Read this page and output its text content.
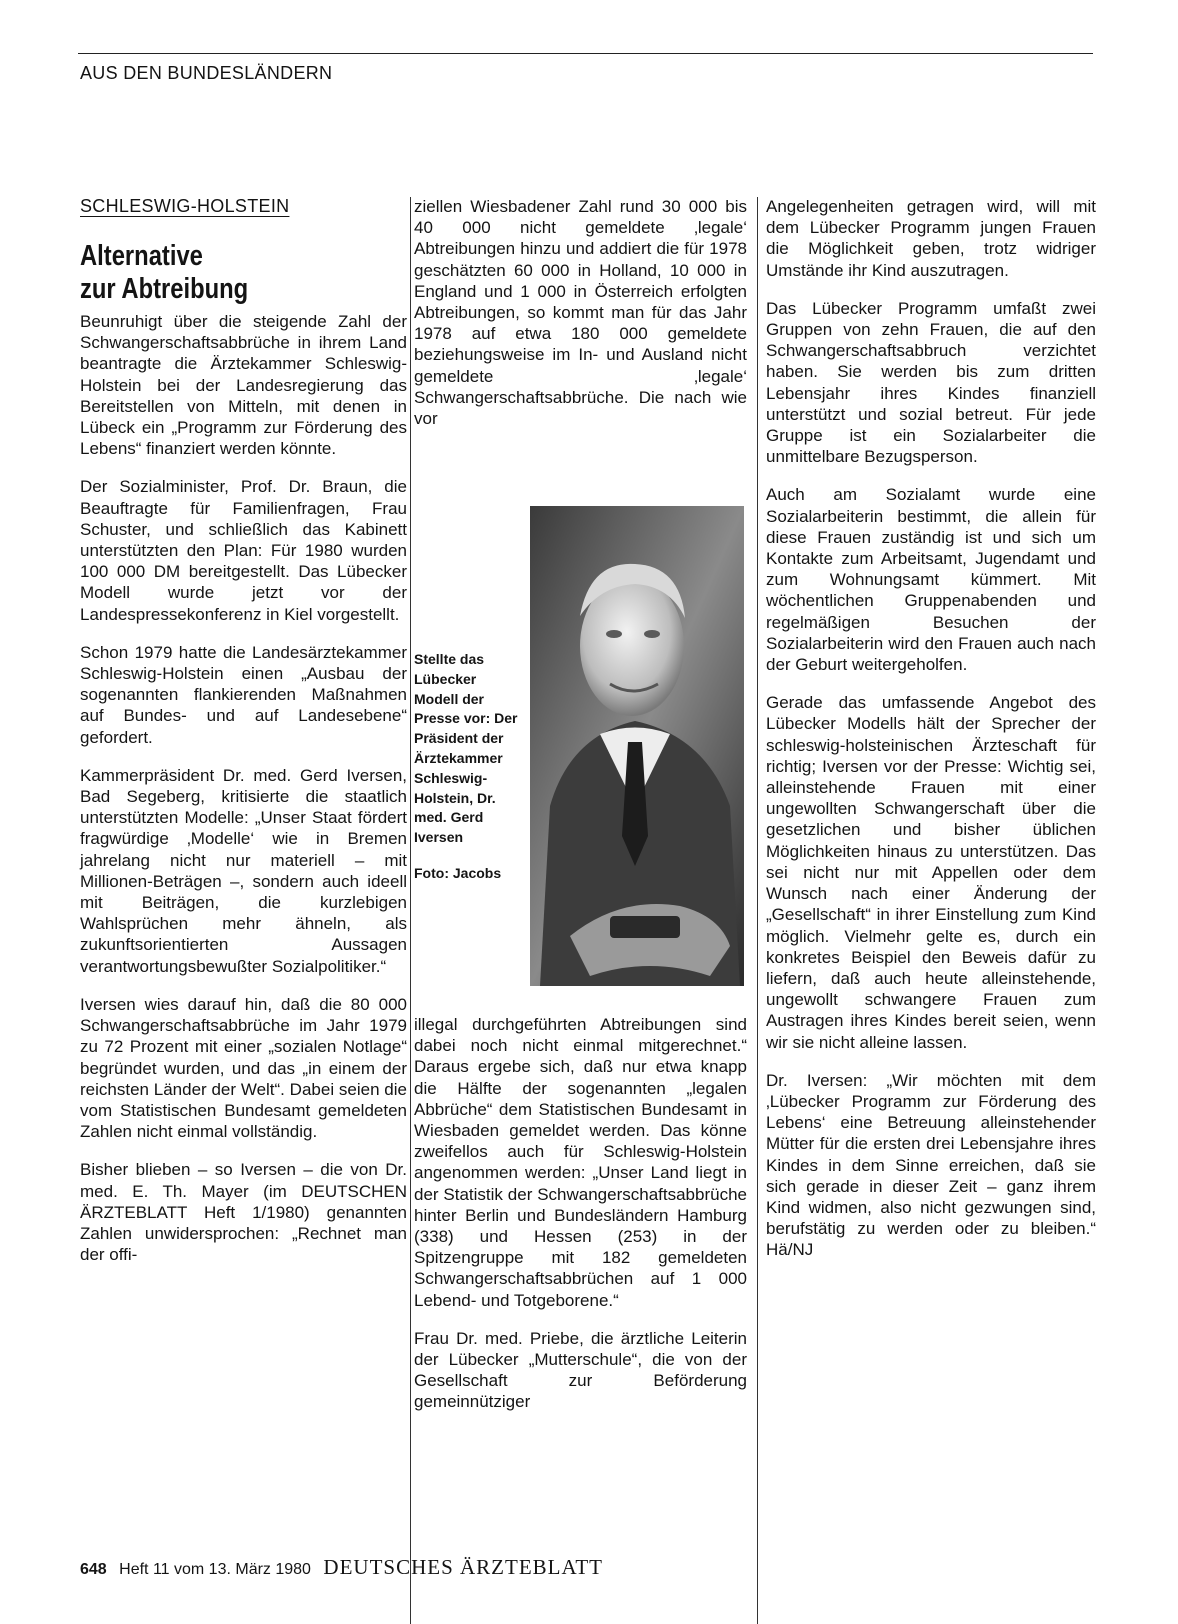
AUS DEN BUNDESLÄNDERN
SCHLESWIG-HOLSTEIN
Alternative
zur Abtreibung

Beunruhigt über die steigende Zahl der Schwangerschaftsabbrüche in ihrem Land beantragte die Ärztekammer Schleswig-Holstein bei der Landesregierung das Bereitstellen von Mitteln, mit denen in Lübeck ein „Programm zur Förderung des Lebens“ finanziert werden könnte.

Der Sozialminister, Prof. Dr. Braun, die Beauftragte für Familienfragen, Frau Schuster, und schließlich das Kabinett unterstützten den Plan: Für 1980 wurden 100 000 DM bereitgestellt. Das Lübecker Modell wurde jetzt vor der Landespressekonferenz in Kiel vorgestellt.

Schon 1979 hatte die Landesärztekammer Schleswig-Holstein einen „Ausbau der sogenannten flankierenden Maßnahmen auf Bundes- und auf Landesebene“ gefordert.

Kammerpräsident Dr. med. Gerd Iversen, Bad Segeberg, kritisierte die staatlich unterstützten Modelle: „Unser Staat fördert fragwürdige ‚Modelle‘ wie in Bremen jahrelang nicht nur materiell – mit Millionen-Beträgen –, sondern auch ideell mit Beiträgen, die kurzlebigen Wahlsprüchen mehr ähneln, als zukunftsorientierten Aussagen verantwortungsbewußter Sozialpolitiker.“

Iversen wies darauf hin, daß die 80 000 Schwangerschaftsabbrüche im Jahr 1979 zu 72 Prozent mit einer „sozialen Notlage“ begründet wurden, und das „in einem der reichsten Länder der Welt“. Dabei seien die vom Statistischen Bundesamt gemeldeten Zahlen nicht einmal vollständig.

Bisher blieben – so Iversen – die von Dr. med. E. Th. Mayer (im DEUTSCHEN ÄRZTEBLATT Heft 1/1980) genannten Zahlen unwidersprochen: „Rechnet man der offi-

ziellen Wiesbadener Zahl rund 30 000 bis 40 000 nicht gemeldete ‚legale‘ Abtreibungen hinzu und addiert die für 1978 geschätzten 60 000 in Holland, 10 000 in England und 1 000 in Österreich erfolgten Abtreibungen, so kommt man für das Jahr 1978 auf etwa 180 000 gemeldete beziehungsweise im In- und Ausland nicht gemeldete ‚legale‘ Schwangerschaftsabbrüche. Die nach wie vor

Stellte das Lübecker Modell der Presse vor: Der Präsident der Ärztekammer Schleswig-Holstein, Dr. med. Gerd Iversen
Foto: Jacobs

illegal durchgeführten Abtreibungen sind dabei noch nicht einmal mitgerechnet.“ Daraus ergebe sich, daß nur etwa knapp die Hälfte der sogenannten „legalen Abbrüche“ dem Statistischen Bundesamt in Wiesbaden gemeldet werden. Das könne zweifellos auch für Schleswig-Holstein angenommen werden: „Unser Land liegt in der Statistik der Schwangerschaftsabbrüche hinter Berlin und Bundesländern Hamburg (338) und Hessen (253) in der Spitzengruppe mit 182 gemeldeten Schwangerschaftsabbrüchen auf 1 000 Lebend- und Totgeborene.“

Frau Dr. med. Priebe, die ärztliche Leiterin der Lübecker „Mutterschule“, die von der Gesellschaft zur Beförderung gemeinnütziger

Angelegenheiten getragen wird, will mit dem Lübecker Programm jungen Frauen die Möglichkeit geben, trotz widriger Umstände ihr Kind auszutragen.

Das Lübecker Programm umfaßt zwei Gruppen von zehn Frauen, die auf den Schwangerschaftsabbruch verzichtet haben. Sie werden bis zum dritten Lebensjahr ihres Kindes finanziell unterstützt und sozial betreut. Für jede Gruppe ist ein Sozialarbeiter die unmittelbare Bezugsperson.

Auch am Sozialamt wurde eine Sozialarbeiterin bestimmt, die allein für diese Frauen zuständig ist und sich um Kontakte zum Arbeitsamt, Jugendamt und zum Wohnungsamt kümmert. Mit wöchentlichen Gruppenabenden und regelmäßigen Besuchen der Sozialarbeiterin wird den Frauen auch nach der Geburt weitergeholfen.

Gerade das umfassende Angebot des Lübecker Modells hält der Sprecher der schleswig-holsteinischen Ärzteschaft für richtig; Iversen vor der Presse: Wichtig sei, alleinstehende Frauen mit einer ungewollten Schwangerschaft über die gesetzlichen und bisher üblichen Möglichkeiten hinaus zu unterstützen. Das sei nicht nur mit Appellen oder dem Wunsch nach einer Änderung der „Gesellschaft“ in ihrer Einstellung zum Kind möglich. Vielmehr gelte es, durch ein konkretes Beispiel den Beweis dafür zu liefern, daß auch heute alleinstehende, ungewollt schwangere Frauen zum Austragen ihres Kindes bereit seien, wenn wir sie nicht alleine lassen.

Dr. Iversen: „Wir möchten mit dem ‚Lübecker Programm zur Förderung des Lebens‘ eine Betreuung alleinstehender Mütter für die ersten drei Lebensjahre ihres Kindes in dem Sinne erreichen, daß sie sich gerade in dieser Zeit – ganz ihrem Kind widmen, also nicht gezwungen sind, berufstätig zu werden oder zu bleiben.“ Hä/NJ

648 Heft 11 vom 13. März 1980 DEUTSCHES ÄRZTEBLATT
